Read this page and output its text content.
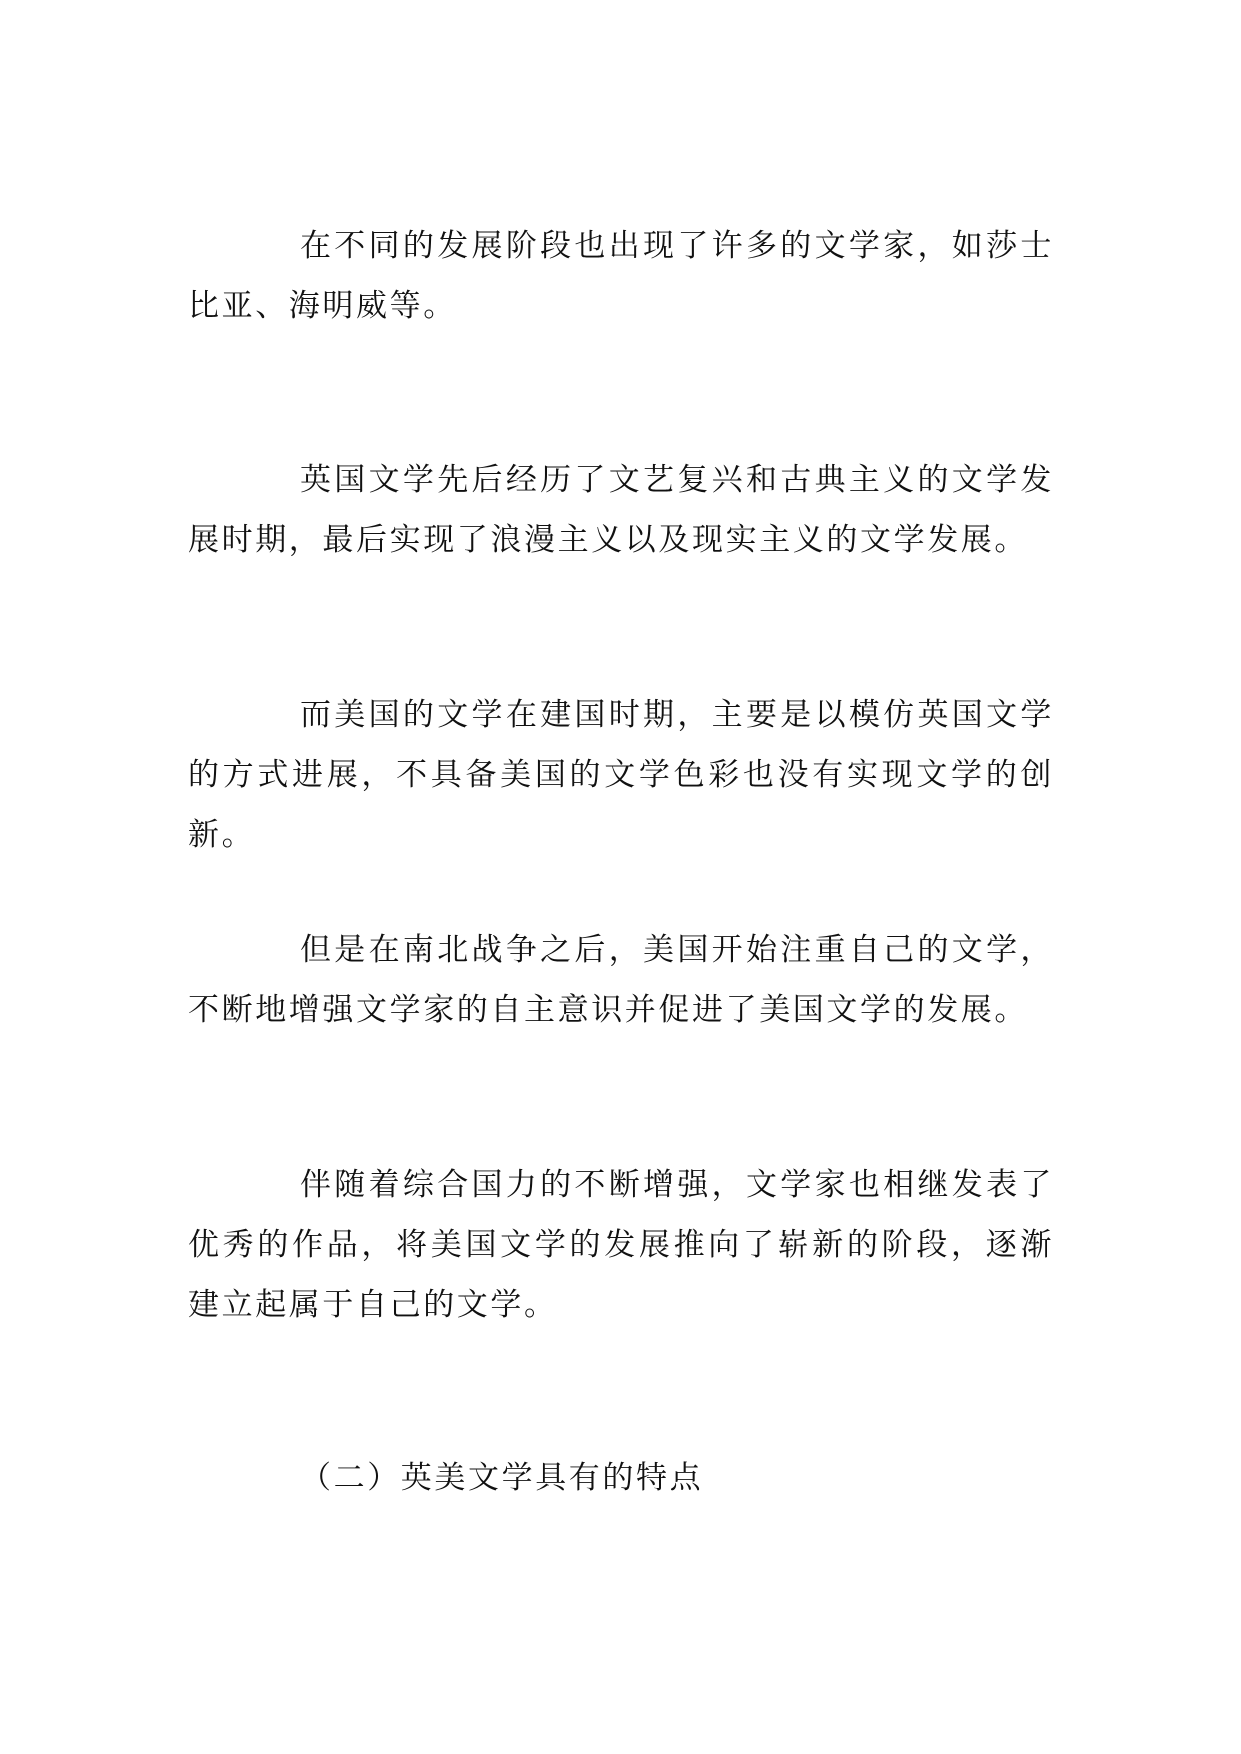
在不同的发展阶段也出现了许多的文学家，如莎士比亚、海明威等。

英国文学先后经历了文艺复兴和古典主义的文学发展时期，最后实现了浪漫主义以及现实主义的文学发展。

而美国的文学在建国时期，主要是以模仿英国文学的方式进展，不具备美国的文学色彩也没有实现文学的创新。

但是在南北战争之后，美国开始注重自己的文学，不断地增强文学家的自主意识并促进了美国文学的发展。

伴随着综合国力的不断增强，文学家也相继发表了优秀的作品，将美国文学的发展推向了崭新的阶段，逐渐建立起属于自己的文学。

（二）英美文学具有的特点
